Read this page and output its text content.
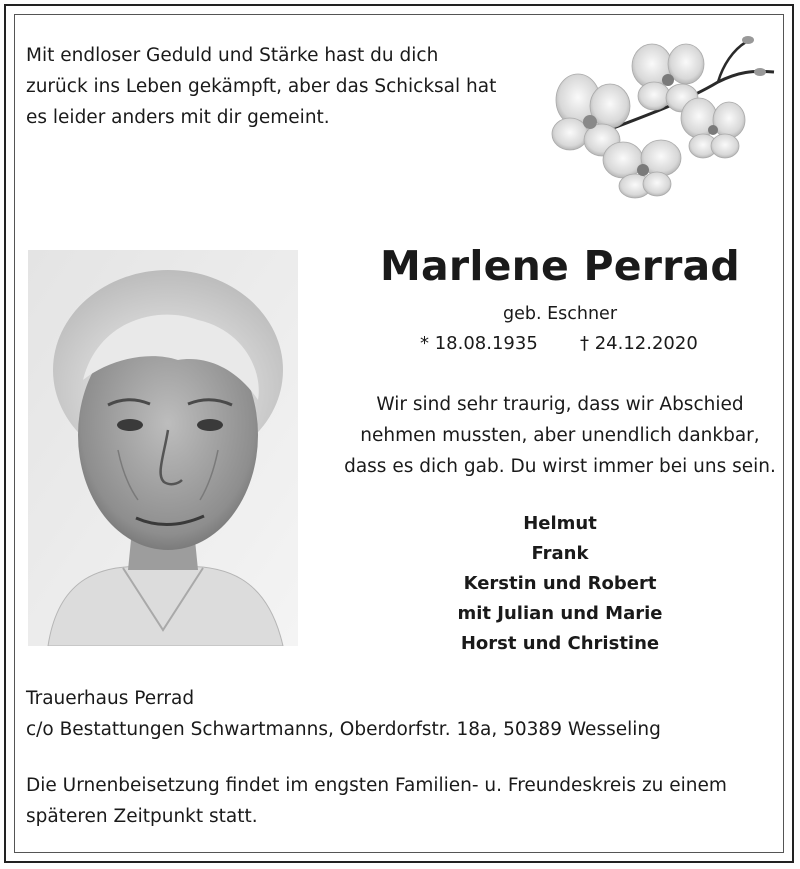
Mit endloser Geduld und Stärke hast du dich
zurück ins Leben gekämpft, aber das Schicksal hat
es leider anders mit dir gemeint.
Marlene Perrad
geb. Eschner
* 18.08.1935 † 24.12.2020
Wir sind sehr traurig, dass wir Abschied
nehmen mussten, aber unendlich dankbar,
dass es dich gab. Du wirst immer bei uns sein.
Helmut
Frank
Kerstin und Robert
mit Julian und Marie
Horst und Christine
Trauerhaus Perrad
c/o Bestattungen Schwartmanns, Oberdorfstr. 18a, 50389 Wesseling
Die Urnenbeisetzung findet im engsten Familien- u. Freundeskreis zu einem
späteren Zeitpunkt statt.
